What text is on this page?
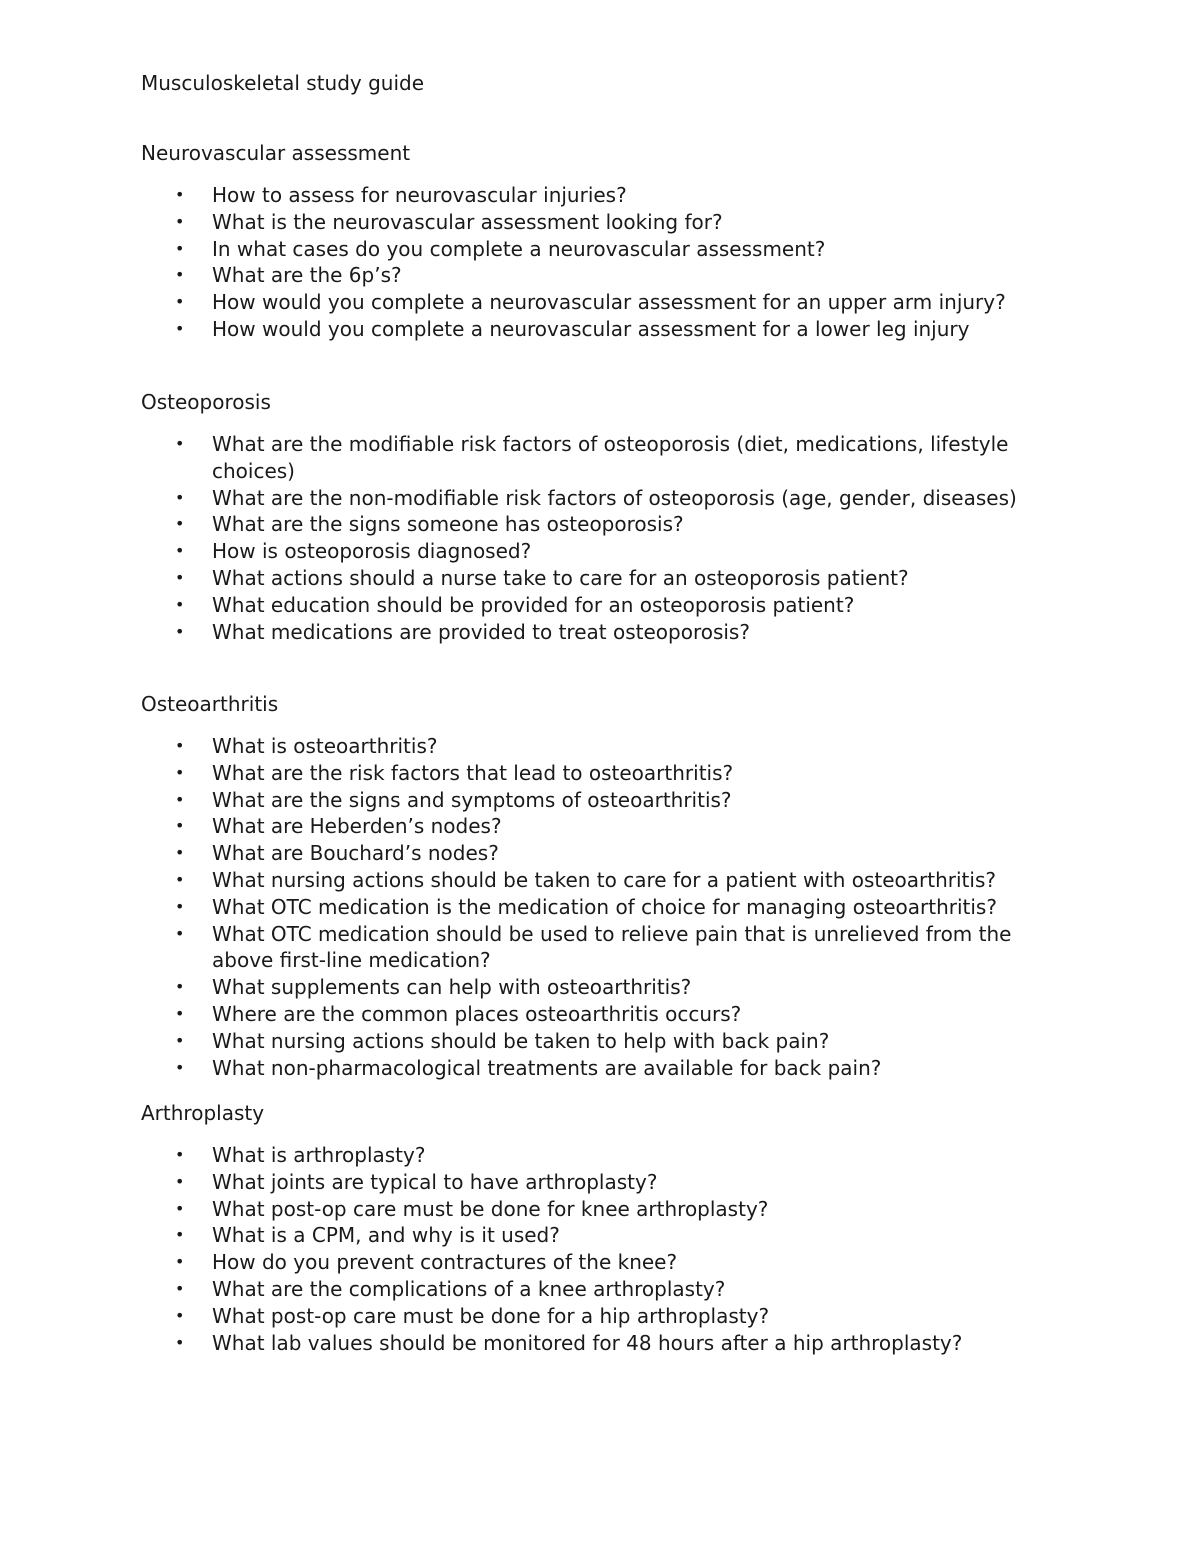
Musculoskeletal study guide
Neurovascular assessment
•	How to assess for neurovascular injuries?
•	What is the neurovascular assessment looking for?
•	In what cases do you complete a neurovascular assessment?
•	What are the 6p’s?
•	How would you complete a neurovascular assessment for an upper arm injury?
•	How would you complete a neurovascular assessment for a lower leg injury
Osteoporosis
•	What are the modifiable risk factors of osteoporosis (diet, medications, lifestyle choices)
•	What are the non-modifiable risk factors of osteoporosis (age, gender, diseases)
•	What are the signs someone has osteoporosis?
•	How is osteoporosis diagnosed?
•	What actions should a nurse take to care for an osteoporosis patient?
•	What education should be provided for an osteoporosis patient?
•	What medications are provided to treat osteoporosis?
Osteoarthritis
•	What is osteoarthritis?
•	What are the risk factors that lead to osteoarthritis?
•	What are the signs and symptoms of osteoarthritis?
•	What are Heberden’s nodes?
•	What are Bouchard’s nodes?
•	What nursing actions should be taken to care for a patient with osteoarthritis?
•	What OTC medication is the medication of choice for managing osteoarthritis?
•	What OTC medication should be used to relieve pain that is unrelieved from the above first-line medication?
•	What supplements can help with osteoarthritis?
•	Where are the common places osteoarthritis occurs?
•	What nursing actions should be taken to help with back pain?
•	What non-pharmacological treatments are available for back pain?
Arthroplasty
•	What is arthroplasty?
•	What joints are typical to have arthroplasty?
•	What post-op care must be done for knee arthroplasty?
•	What is a CPM, and why is it used?
•	How do you prevent contractures of the knee?
•	What are the complications of a knee arthroplasty?
•	What post-op care must be done for a hip arthroplasty?
•	What lab values should be monitored for 48 hours after a hip arthroplasty?
